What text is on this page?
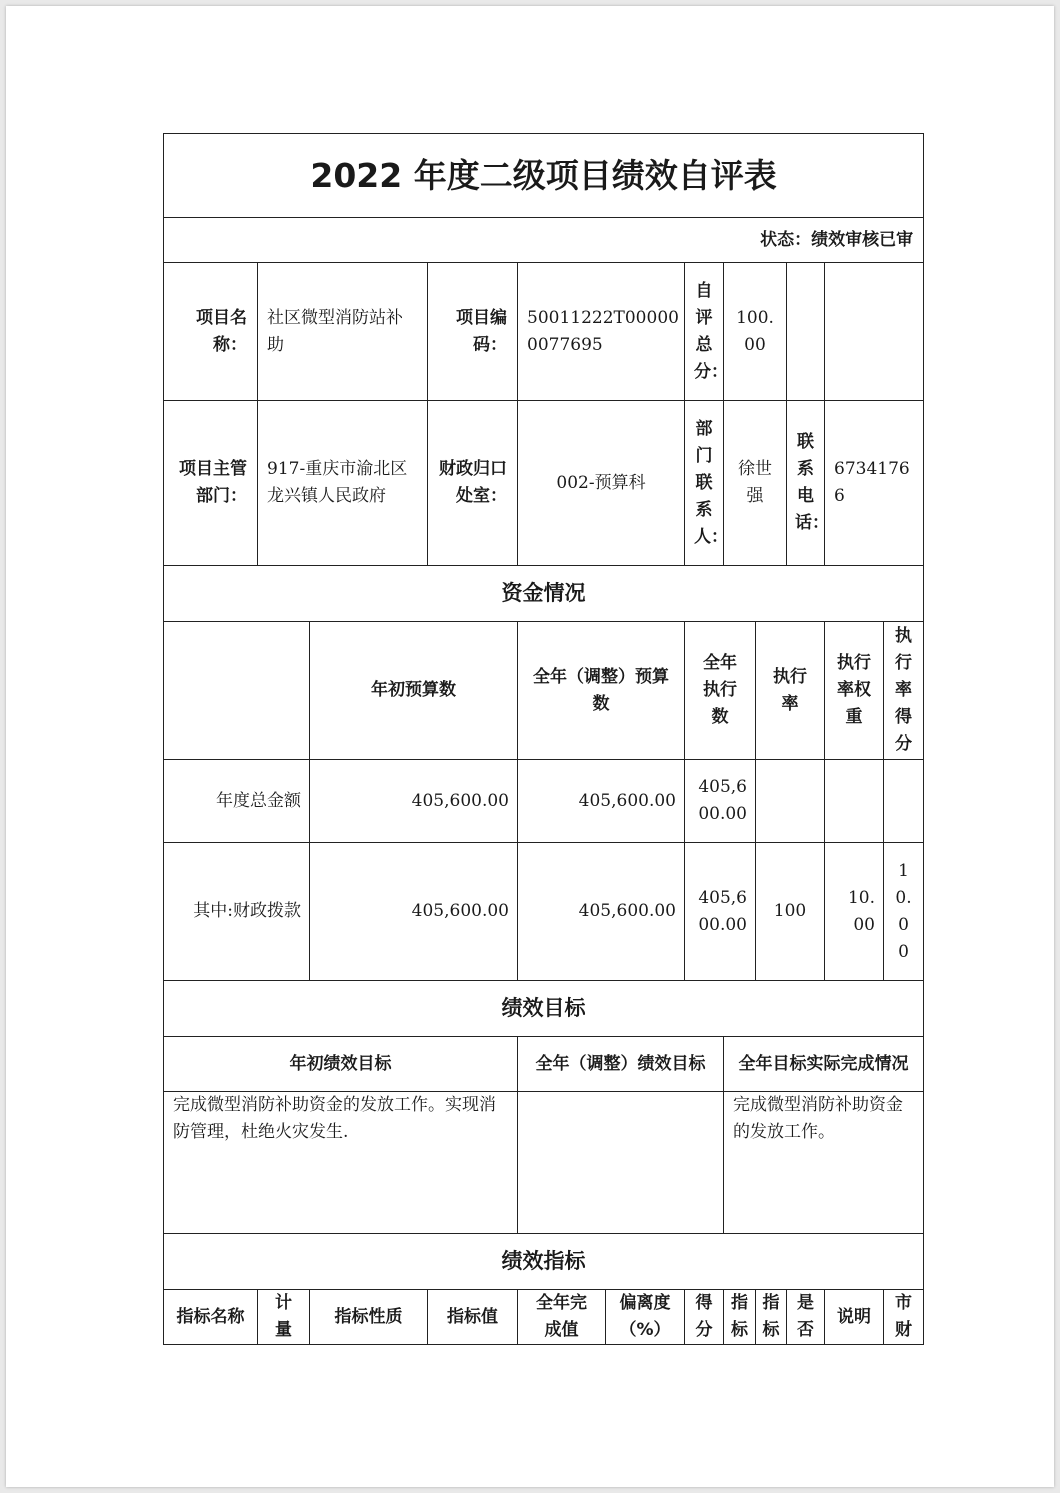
2022 年度二级项目绩效自评表											
状态：绩效审核已审											
项目名称：	社区微型消防站补助		项目编码：	50011222T000000077695		自评总分：	100.00				
项目主管部门：	917-重庆市渝北区龙兴镇人民政府		财政归口处室：	002-预算科		部门联系人：	徐世强		联系电话：	67341766	
资金情况											
		年初预算数		全年（调整）预算数		全年执行数		执行率		执行率权重	执行率得分
年度总金额		405,600.00		405,600.00		405,600.00					
其中:财政拨款		405,600.00		405,600.00		405,600.00		100		10.00	10.00
绩效目标											
年初绩效目标				全年（调整）绩效目标			全年目标实际完成情况				
完成微型消防补助资金的发放工作。实现消防管理，杜绝火灾发生.							完成微型消防补助资金的发放工作。				
绩效指标											
指标名称	计量	指标性质	指标值	全年完成值	偏离度（%）	得分	指标	指标	是否	说明	市财
